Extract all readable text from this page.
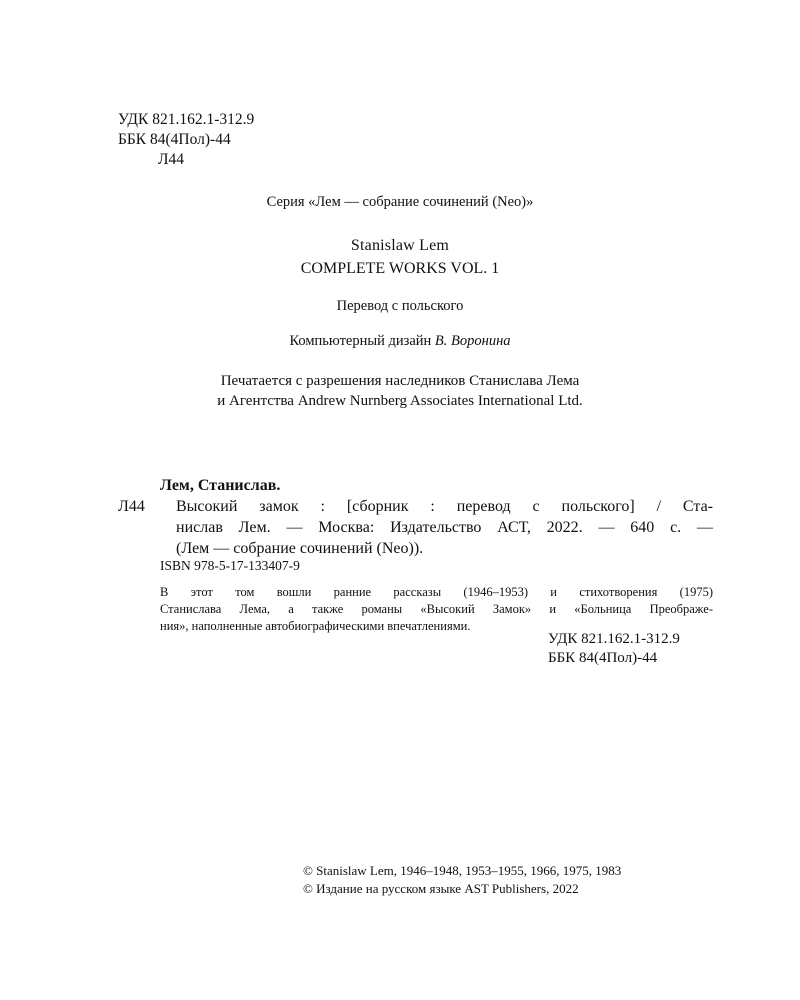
УДК 821.162.1-312.9
ББК 84(4Пол)-44
Л44
Серия «Лем — собрание сочинений (Neo)»
Stanislaw Lem
COMPLETE WORKS VOL. 1
Перевод с польского
Компьютерный дизайн В. Воронина
Печатается с разрешения наследников Станислава Лема
и Агентства Andrew Nurnberg Associates International Ltd.
Лем, Станислав.
Л44	Высокий замок : [сборник : перевод с польского] / Ста-
нислав Лем. — Москва: Издательство АСТ, 2022. — 640 с. —
(Лем — собрание сочинений (Neo)).
ISBN 978-5-17-133407-9
В этот том вошли ранние рассказы (1946–1953) и стихотворения (1975)
Станислава Лема, а также романы «Высокий Замок» и «Больница Преображе-
ния», наполненные автобиографическими впечатлениями.
УДК 821.162.1-312.9
ББК 84(4Пол)-44
© Stanislaw Lem, 1946–1948, 1953–1955, 1966, 1975, 1983
© Издание на русском языке AST Publishers, 2022
